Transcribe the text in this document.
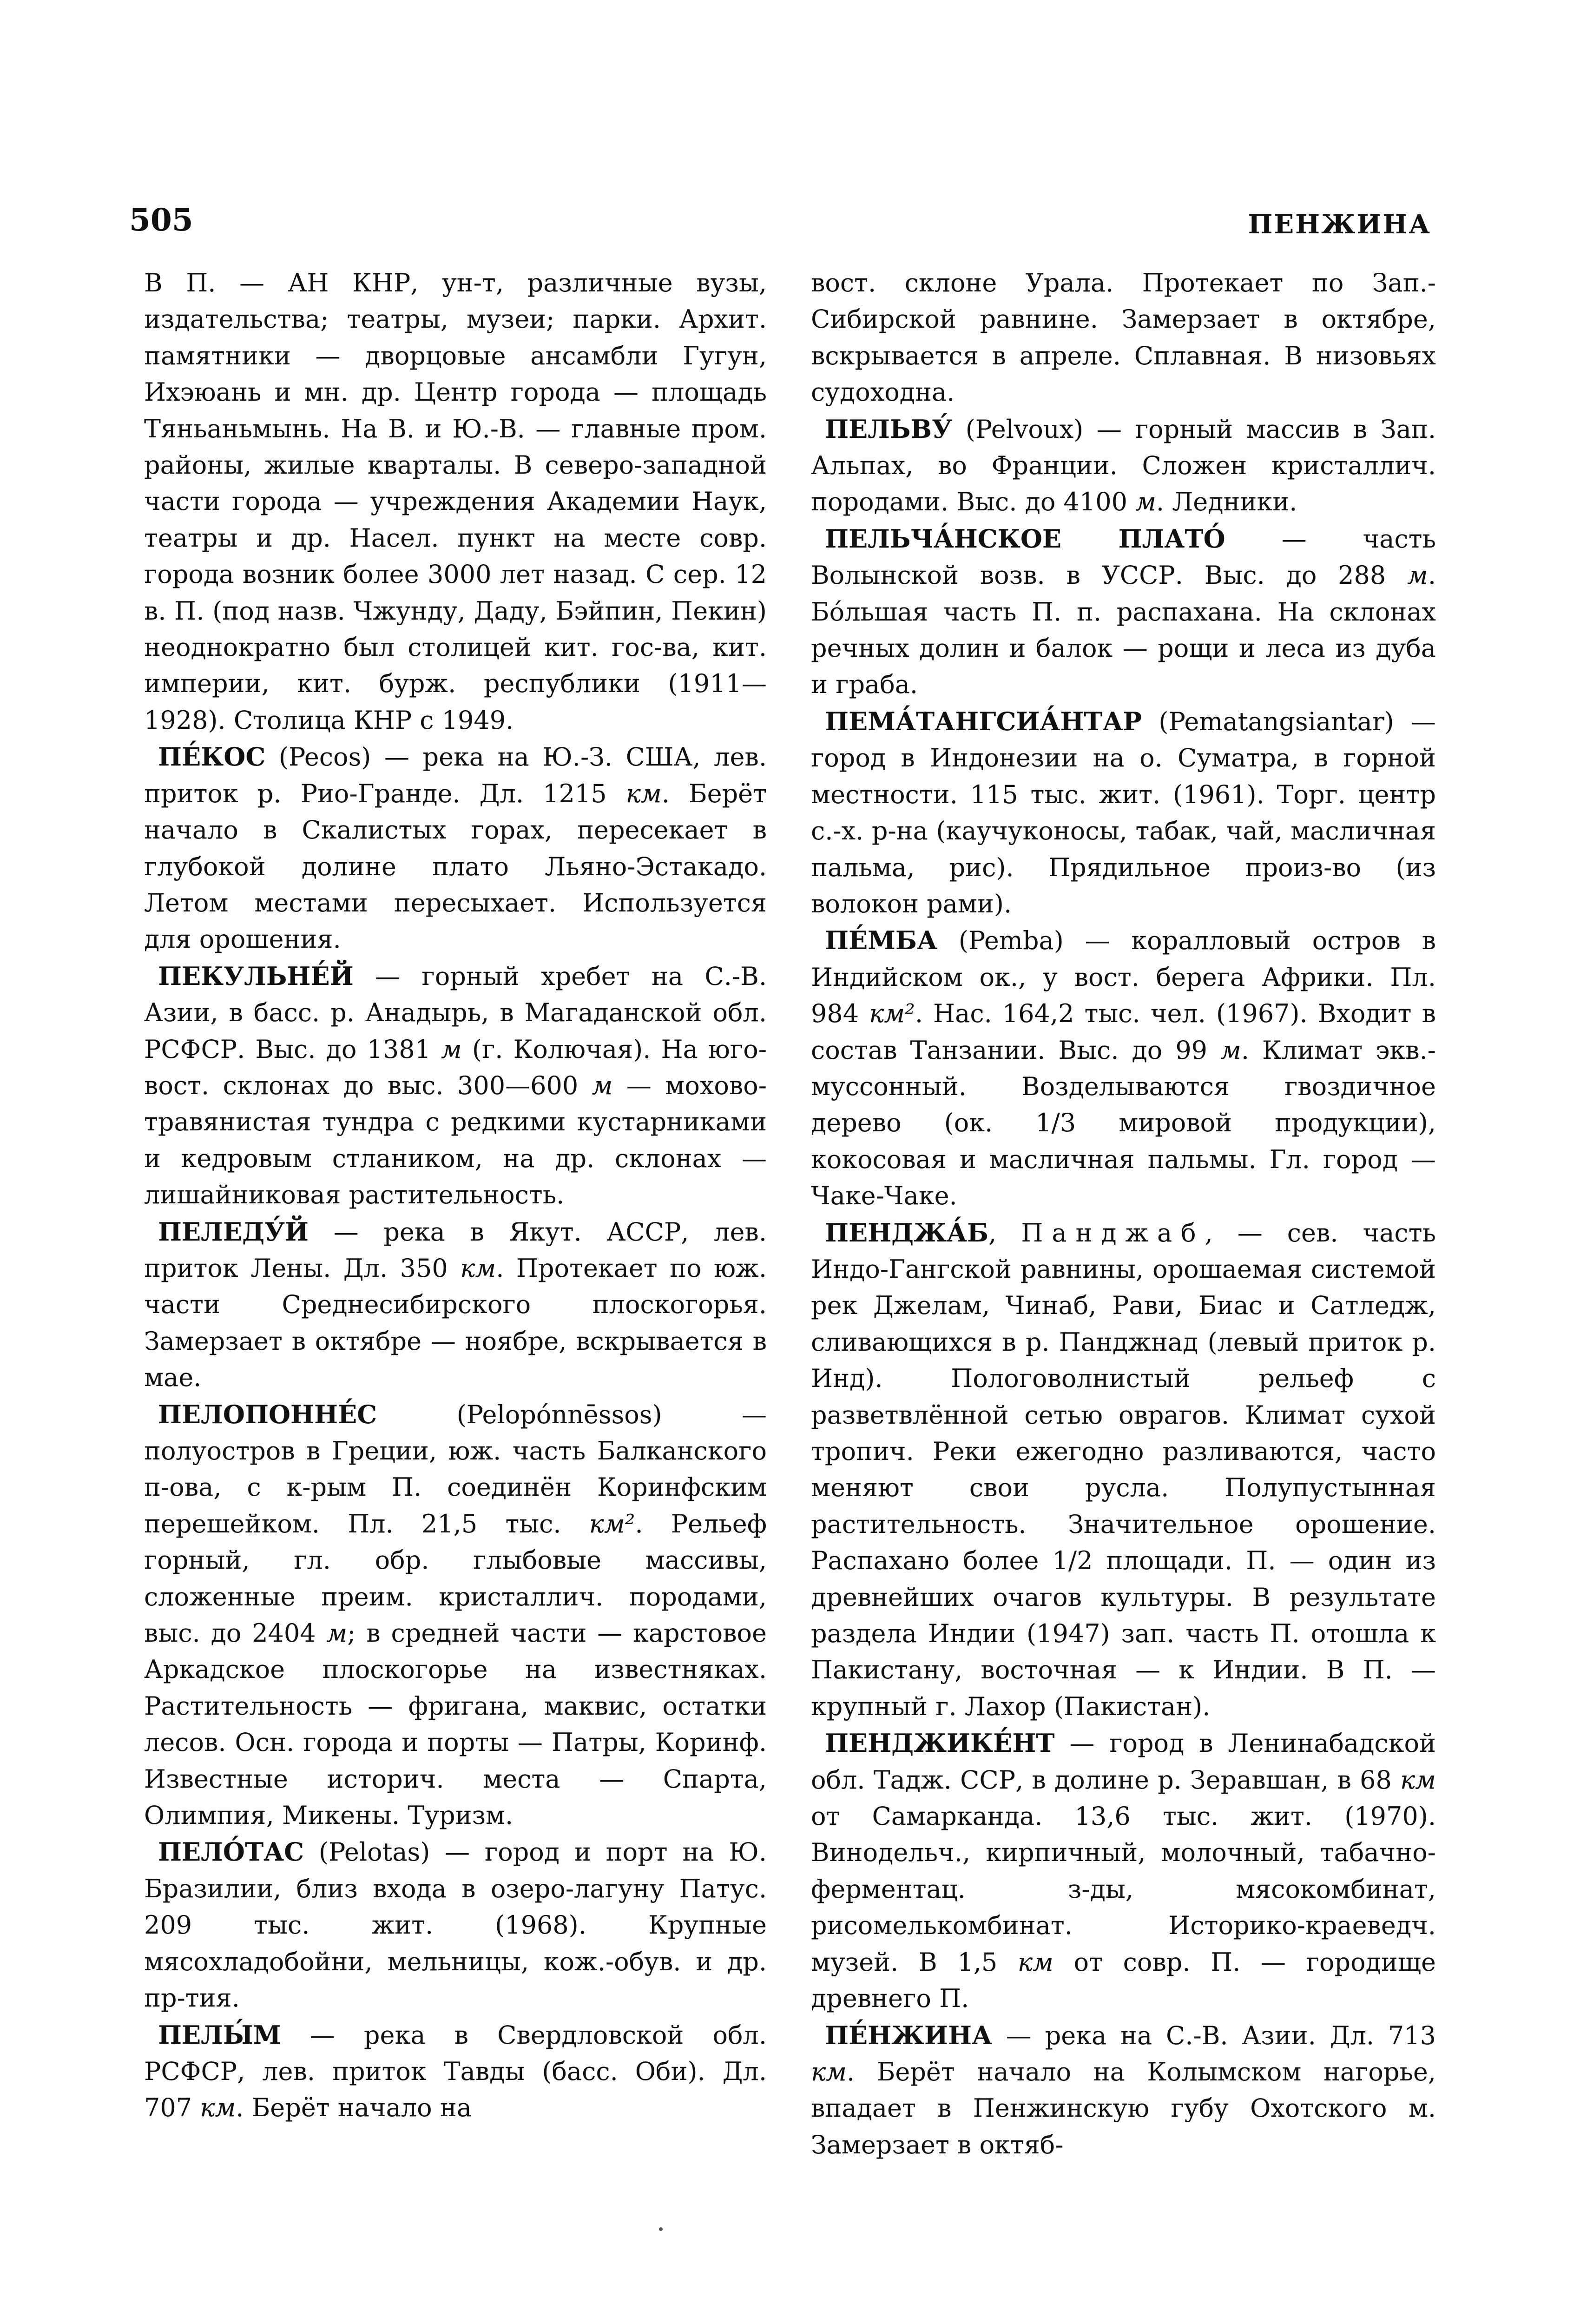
505	ПЕНЖИНА

В П. — АН КНР, ун-т, различные вузы, издательства; театры, музеи; парки. Архит. памятники — дворцовые ансамбли Гугун, Ихэюань и мн. др. Центр города — площадь Тяньаньмынь. На В. и Ю.-В. — главные пром. районы, жилые кварталы. В северо-западной части города — учреждения Академии Наук, театры и др. Насел. пункт на месте совр. города возник более 3000 лет назад. С сер. 12 в. П. (под назв. Чжунду, Даду, Бэйпин, Пекин) неоднократно был столицей кит. гос-ва, кит. империи, кит. бурж. республики (1911—1928). Столица КНР с 1949.

ПЕ́КОС (Pecos) — река на Ю.-З. США, лев. приток р. Рио-Гранде. Дл. 1215 км. Берёт начало в Скалистых горах, пересекает в глубокой долине плато Льяно-Эстакадо. Летом местами пересыхает. Используется для орошения.

ПЕКУЛЬНЕ́Й — горный хребет на С.-В. Азии, в басс. р. Анадырь, в Магаданской обл. РСФСР. Выс. до 1381 м (г. Колючая). На юго-вост. склонах до выс. 300—600 м — мохово-травянистая тундра с редкими кустарниками и кедровым стлаником, на др. склонах — лишайниковая растительность.

ПЕЛЕДУ́Й — река в Якут. АССР, лев. приток Лены. Дл. 350 км. Протекает по юж. части Среднесибирского плоскогорья. Замерзает в октябре — ноябре, вскрывается в мае.

ПЕЛОПОННЕ́С (Pelopónnēssos) — полуостров в Греции, юж. часть Балканского п-ова, с к-рым П. соединён Коринфским перешейком. Пл. 21,5 тыс. км². Рельеф горный, гл. обр. глыбовые массивы, сложенные преим. кристаллич. породами, выс. до 2404 м; в средней части — карстовое Аркадское плоскогорье на известняках. Растительность — фригана, маквис, остатки лесов. Осн. города и порты — Патры, Коринф. Известные историч. места — Спарта, Олимпия, Микены. Туризм.

ПЕЛО́ТАС (Pelotas) — город и порт на Ю. Бразилии, близ входа в озеро-лагуну Патус. 209 тыс. жит. (1968). Крупные мясохладобойни, мельницы, кож.-обув. и др. пр-тия.

ПЕЛЫ́М — река в Свердловской обл. РСФСР, лев. приток Тавды (басс. Оби). Дл. 707 км. Берёт начало на

вост. склоне Урала. Протекает по Зап.-Сибирской равнине. Замерзает в октябре, вскрывается в апреле. Сплавная. В низовьях судоходна.

ПЕЛЬВУ́ (Pelvoux) — горный массив в Зап. Альпах, во Франции. Сложен кристаллич. породами. Выс. до 4100 м. Ледники.

ПЕЛЬЧА́НСКОЕ ПЛАТО́ — часть Волынской возв. в УССР. Выс. до 288 м. Бо́льшая часть П. п. распахана. На склонах речных долин и балок — рощи и леса из дуба и граба.

ПЕМА́ТАНГСИА́НТАР (Pematangsiantar) — город в Индонезии на о. Суматра, в горной местности. 115 тыс. жит. (1961). Торг. центр с.-х. р-на (каучуконосы, табак, чай, масличная пальма, рис). Прядильное произ-во (из волокон рами).

ПЕ́МБА (Pemba) — коралловый остров в Индийском ок., у вост. берега Африки. Пл. 984 км². Нас. 164,2 тыс. чел. (1967). Входит в состав Танзании. Выс. до 99 м. Климат экв.-муссонный. Возделываются гвоздичное дерево (ок. 1/3 мировой продукции), кокосовая и масличная пальмы. Гл. город — Чаке-Чаке.

ПЕНДЖА́Б, Панджаб, — сев. часть Индо-Гангской равнины, орошаемая системой рек Джелам, Чинаб, Рави, Биас и Сатледж, сливающихся в р. Панджнад (левый приток р. Инд). Пологоволнистый рельеф с разветвлённой сетью оврагов. Климат сухой тропич. Реки ежегодно разливаются, часто меняют свои русла. Полупустынная растительность. Значительное орошение. Распахано более 1/2 площади. П. — один из древнейших очагов культуры. В результате раздела Индии (1947) зап. часть П. отошла к Пакистану, восточная — к Индии. В П. — крупный г. Лахор (Пакистан).

ПЕНДЖИКЕ́НТ — город в Ленинабадской обл. Тадж. ССР, в долине р. Зеравшан, в 68 км от Самарканда. 13,6 тыс. жит. (1970). Винодельч., кирпичный, молочный, табачно-ферментац. з-ды, мясокомбинат, рисомелькомбинат. Историко-краеведч. музей. В 1,5 км от совр. П. — городище древнего П.

ПЕ́НЖИНА — река на С.-В. Азии. Дл. 713 км. Берёт начало на Колымском нагорье, впадает в Пенжинскую губу Охотского м. Замерзает в октяб-
